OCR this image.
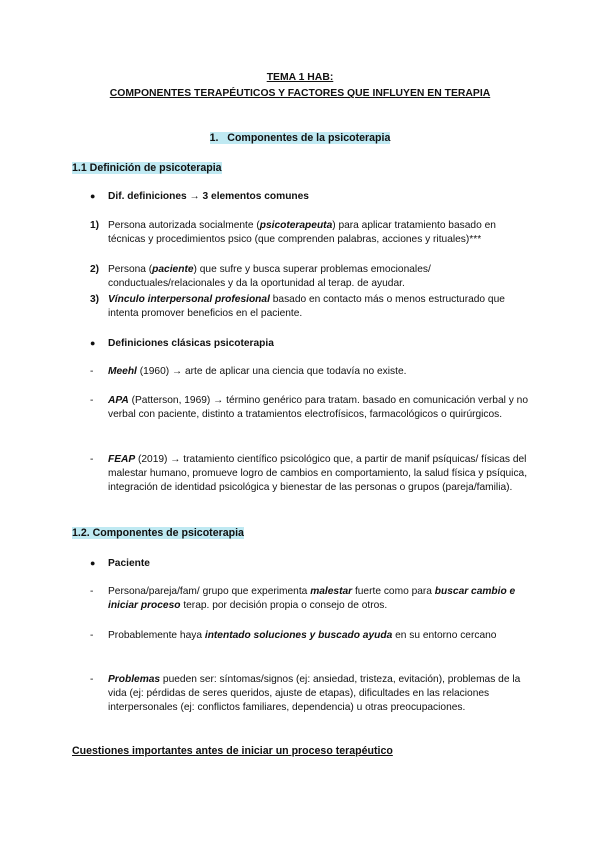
TEMA 1 HAB:
COMPONENTES TERAPÉUTICOS Y FACTORES QUE INFLUYEN EN TERAPIA
1.   Componentes de la psicoterapia
1.1 Definición de psicoterapia
● Dif. definiciones → 3 elementos comunes
1) Persona autorizada socialmente (psicoterapeuta) para aplicar tratamiento basado en técnicas y procedimientos psico (que comprenden palabras, acciones y rituales)***
2) Persona (paciente) que sufre y busca superar problemas emocionales/ conductuales/relacionales y da la oportunidad al terap. de ayudar.
3) Vínculo interpersonal profesional basado en contacto más o menos estructurado que intenta promover beneficios en el paciente.
● Definiciones clásicas psicoterapia
- Meehl (1960) → arte de aplicar una ciencia que todavía no existe.
- APA (Patterson, 1969) → término genérico para tratam. basado en comunicación verbal y no verbal con paciente, distinto a tratamientos electrofísicos, farmacológicos o quirúrgicos.
- FEAP (2019) → tratamiento científico psicológico que, a partir de manif psíquicas/ físicas del malestar humano, promueve logro de cambios en comportamiento, la salud física y psíquica, integración de identidad psicológica y bienestar de las personas o grupos (pareja/familia).
1.2. Componentes de psicoterapia
● Paciente
- Persona/pareja/fam/ grupo que experimenta malestar fuerte como para buscar cambio e iniciar proceso terap. por decisión propia o consejo de otros.
- Probablemente haya intentado soluciones y buscado ayuda en su entorno cercano
- Problemas pueden ser: síntomas/signos (ej: ansiedad, tristeza, evitación), problemas de la vida (ej: pérdidas de seres queridos, ajuste de etapas), dificultades en las relaciones interpersonales (ej: conflictos familiares, dependencia) u otras preocupaciones.
Cuestiones importantes antes de iniciar un proceso terapéutico
